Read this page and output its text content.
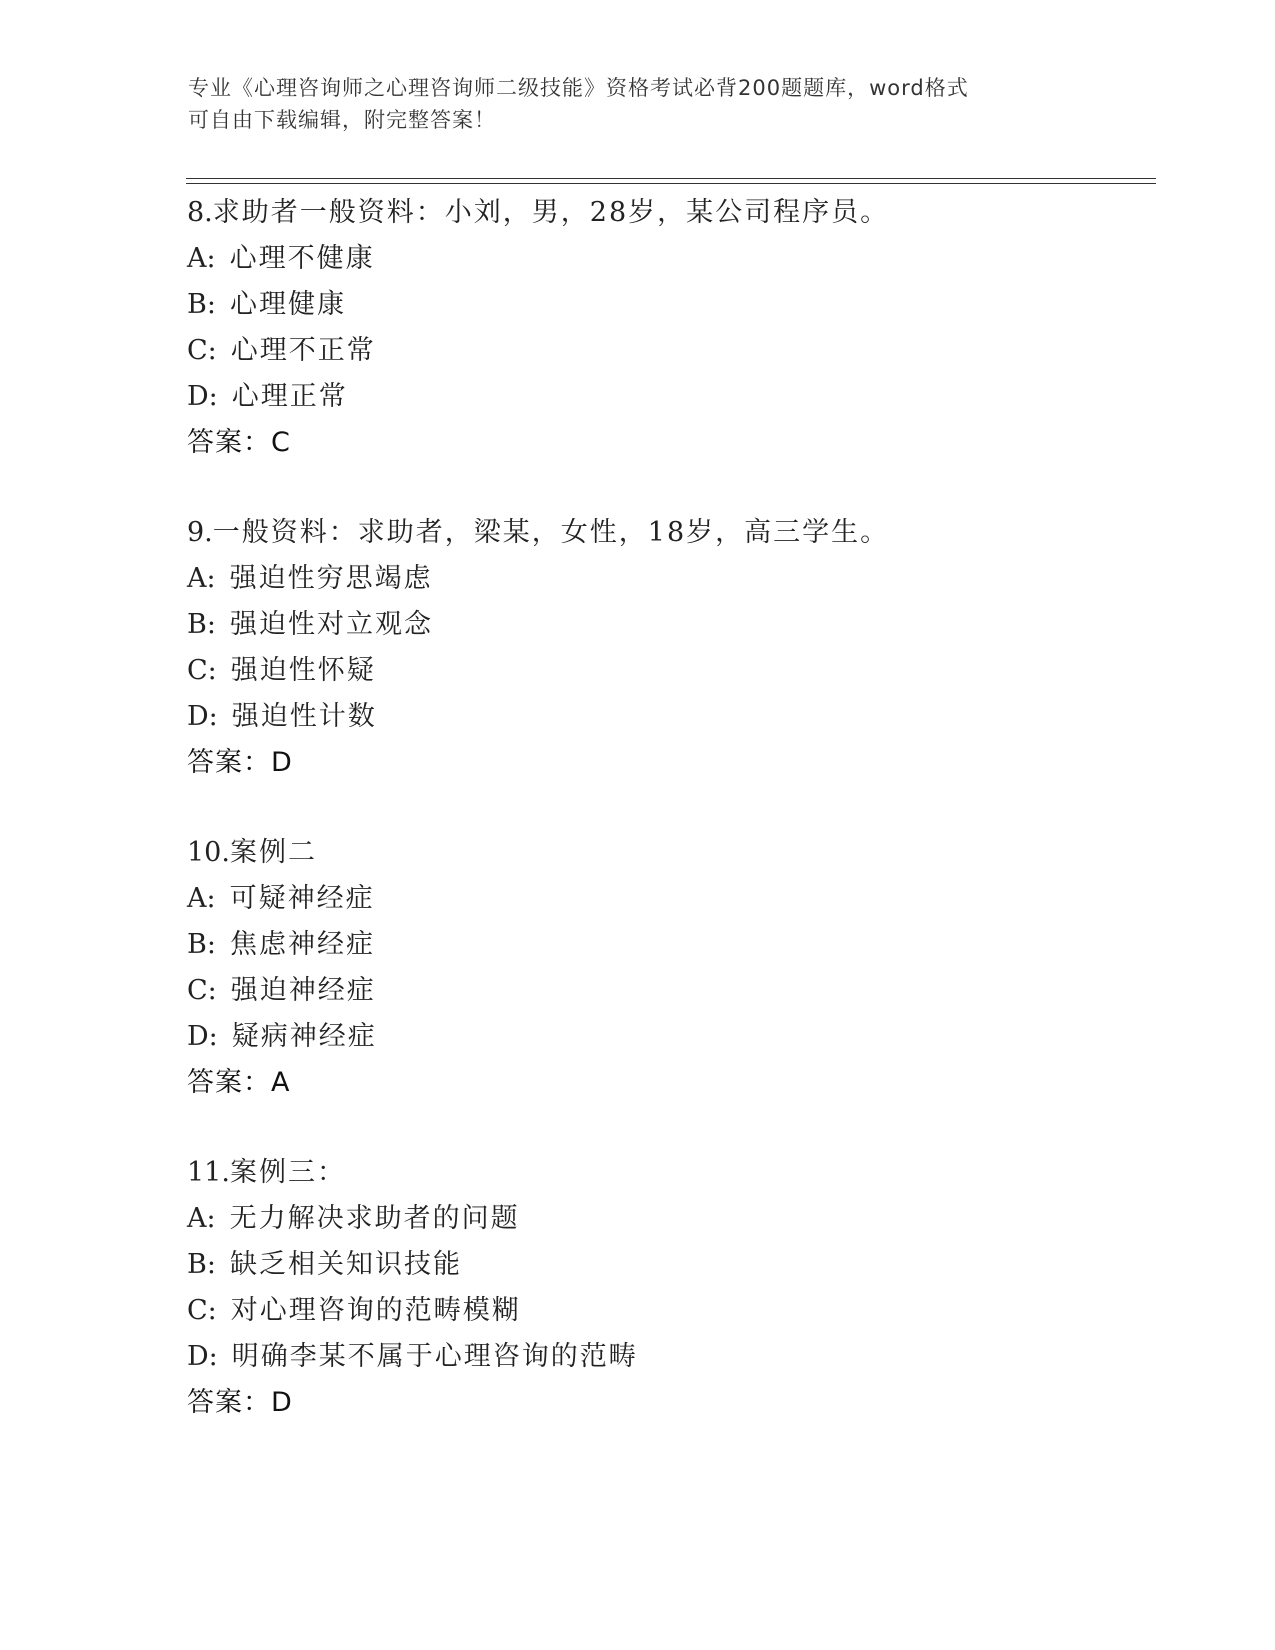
专业《心理咨询师之心理咨询师二级技能》资格考试必背200题题库，word格式
可自由下载编辑，附完整答案！
8.求助者一般资料：小刘，男，28岁，某公司程序员。
A: 心理不健康
B: 心理健康
C: 心理不正常
D: 心理正常
答案：C
9.一般资料：求助者，梁某，女性，18岁，高三学生。
A: 强迫性穷思竭虑
B: 强迫性对立观念
C: 强迫性怀疑
D: 强迫性计数
答案：D
10.案例二
A: 可疑神经症
B: 焦虑神经症
C: 强迫神经症
D: 疑病神经症
答案：A
11.案例三：
A: 无力解决求助者的问题
B: 缺乏相关知识技能
C: 对心理咨询的范畴模糊
D: 明确李某不属于心理咨询的范畴
答案：D
